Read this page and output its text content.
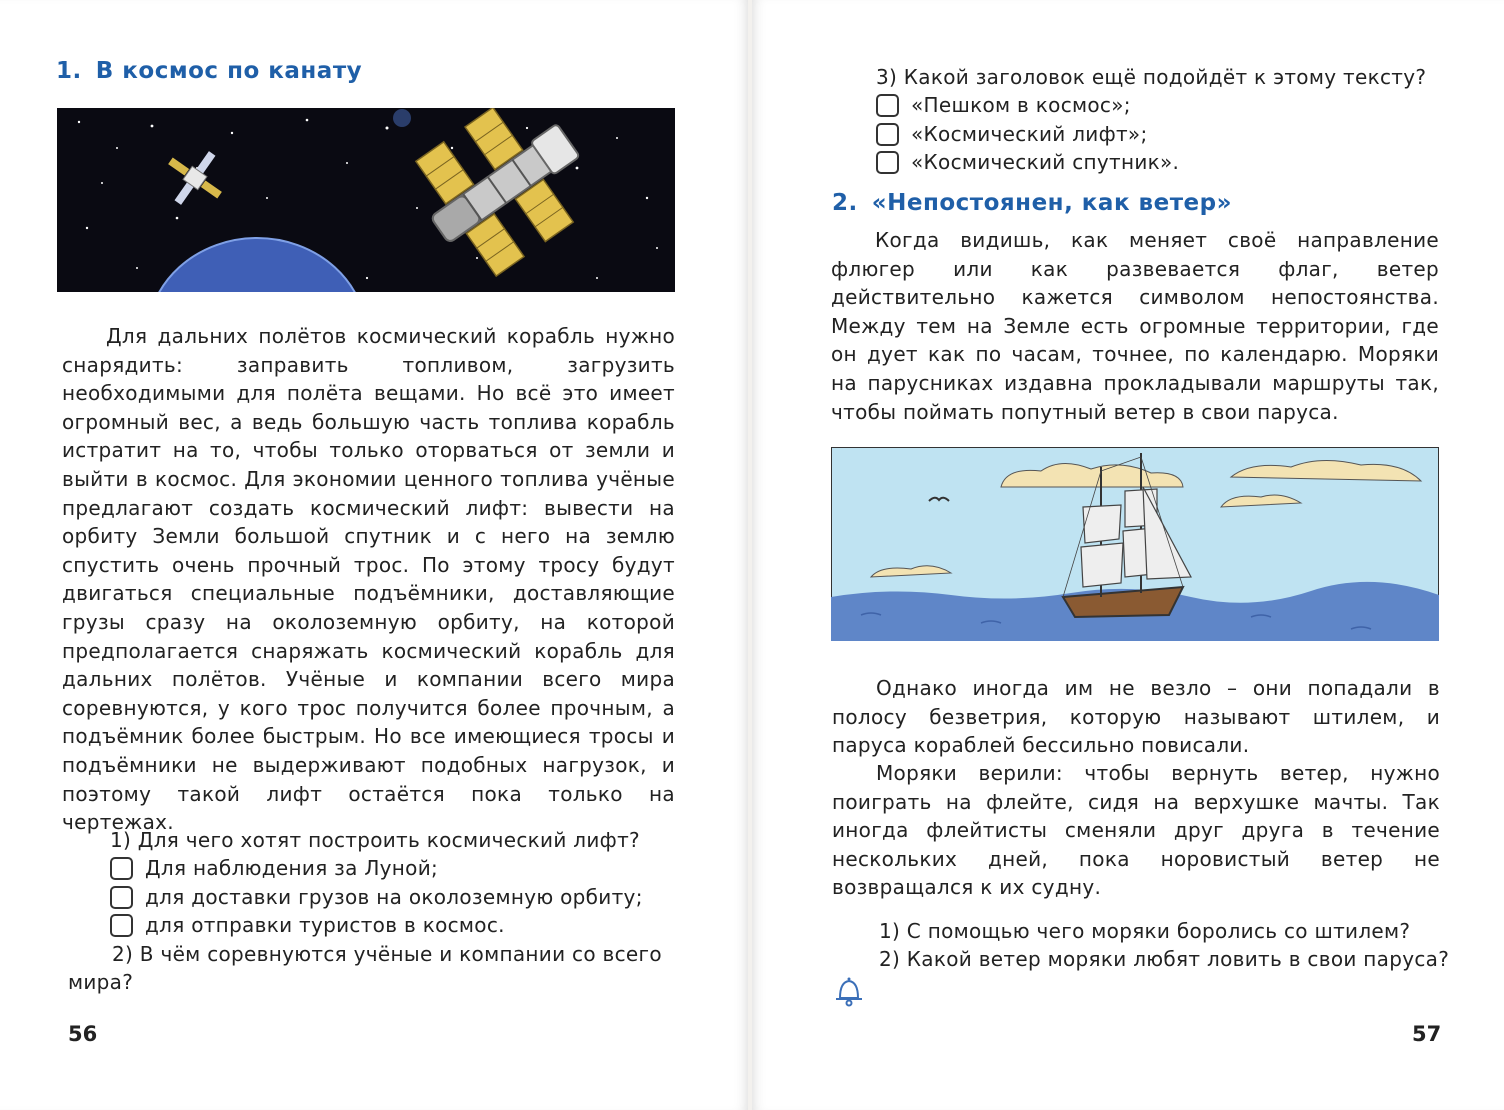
1. В космос по канату

Для дальних полётов космический корабль нужно снарядить: заправить топливом, загрузить необходимыми для полёта вещами. Но всё это имеет огромный вес, а ведь большую часть топлива корабль истратит на то, чтобы только оторваться от земли и выйти в космос. Для экономии ценного топлива учёные предлагают создать космический лифт: вывести на орбиту Земли большой спутник и с него на землю спустить очень прочный трос. По этому тросу будут двигаться специальные подъёмники, доставляющие грузы сразу на околоземную орбиту, на которой предполагается снаряжать космический корабль для дальних полётов. Учёные и компании всего мира соревнуются, у кого трос получится более прочным, а подъёмник более быстрым. Но все имеющиеся тросы и подъёмники не выдерживают подобных нагрузок, и поэтому такой лифт остаётся пока только на чертежах.

1) Для чего хотят построить космический лифт?
Для наблюдения за Луной;
для доставки грузов на околоземную орбиту;
для отправки туристов в космос.
2) В чём соревнуются учёные и компании со всего
мира?
56
3) Какой заголовок ещё подойдёт к этому тексту?
«Пешком в космос»;
«Космический лифт»;
«Космический спутник».
2. «Непостоянен, как ветер»

Когда видишь, как меняет своё направление флюгер или как развевается флаг, ветер действительно кажется символом непостоянства. Между тем на Земле есть огромные территории, где он дует как по часам, точнее, по календарю. Моряки на парусниках издавна прокладывали маршруты так, чтобы поймать попутный ветер в свои паруса.

Однако иногда им не везло – они попадали в полосу безветрия, которую называют штилем, и паруса кораблей бессильно повисали.

Моряки верили: чтобы вернуть ветер, нужно поиграть на флейте, сидя на верхушке мачты. Так иногда флейтисты сменяли друг друга в течение нескольких дней, пока норовистый ветер не возвращался к их судну.

1) С помощью чего моряки боролись со штилем?
2) Какой ветер моряки любят ловить в свои паруса?
57
